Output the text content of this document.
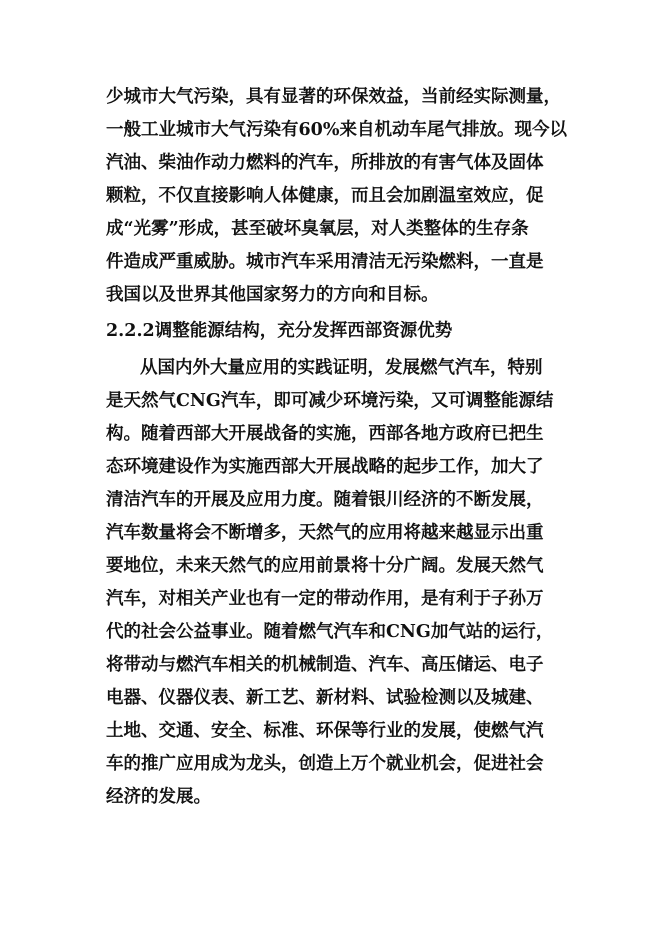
少城市大气污染，具有显著的环保效益，当前经实际测量，
一般工业城市大气污染有60%来自机动车尾气排放。现今以
汽油、柴油作动力燃料的汽车，所排放的有害气体及固体
颗粒，不仅直接影响人体健康，而且会加剧温室效应，促
成“光雾”形成，甚至破坏臭氧层，对人类整体的生存条
件造成严重威胁。城市汽车采用清洁无污染燃料，一直是
我国以及世界其他国家努力的方向和目标。
2.2.2调整能源结构，充分发挥西部资源优势
从国内外大量应用的实践证明，发展燃气汽车，特别
是天然气CNG汽车，即可减少环境污染，又可调整能源结
构。随着西部大开展战备的实施，西部各地方政府已把生
态环境建设作为实施西部大开展战略的起步工作，加大了
清洁汽车的开展及应用力度。随着银川经济的不断发展，
汽车数量将会不断增多，天然气的应用将越来越显示出重
要地位，未来天然气的应用前景将十分广阔。发展天然气
汽车，对相关产业也有一定的带动作用，是有利于子孙万
代的社会公益事业。随着燃气汽车和CNG加气站的运行，
将带动与燃汽车相关的机械制造、汽车、高压储运、电子
电器、仪器仪表、新工艺、新材料、试验检测以及城建、
土地、交通、安全、标准、环保等行业的发展，使燃气汽
车的推广应用成为龙头，创造上万个就业机会，促进社会
经济的发展。
